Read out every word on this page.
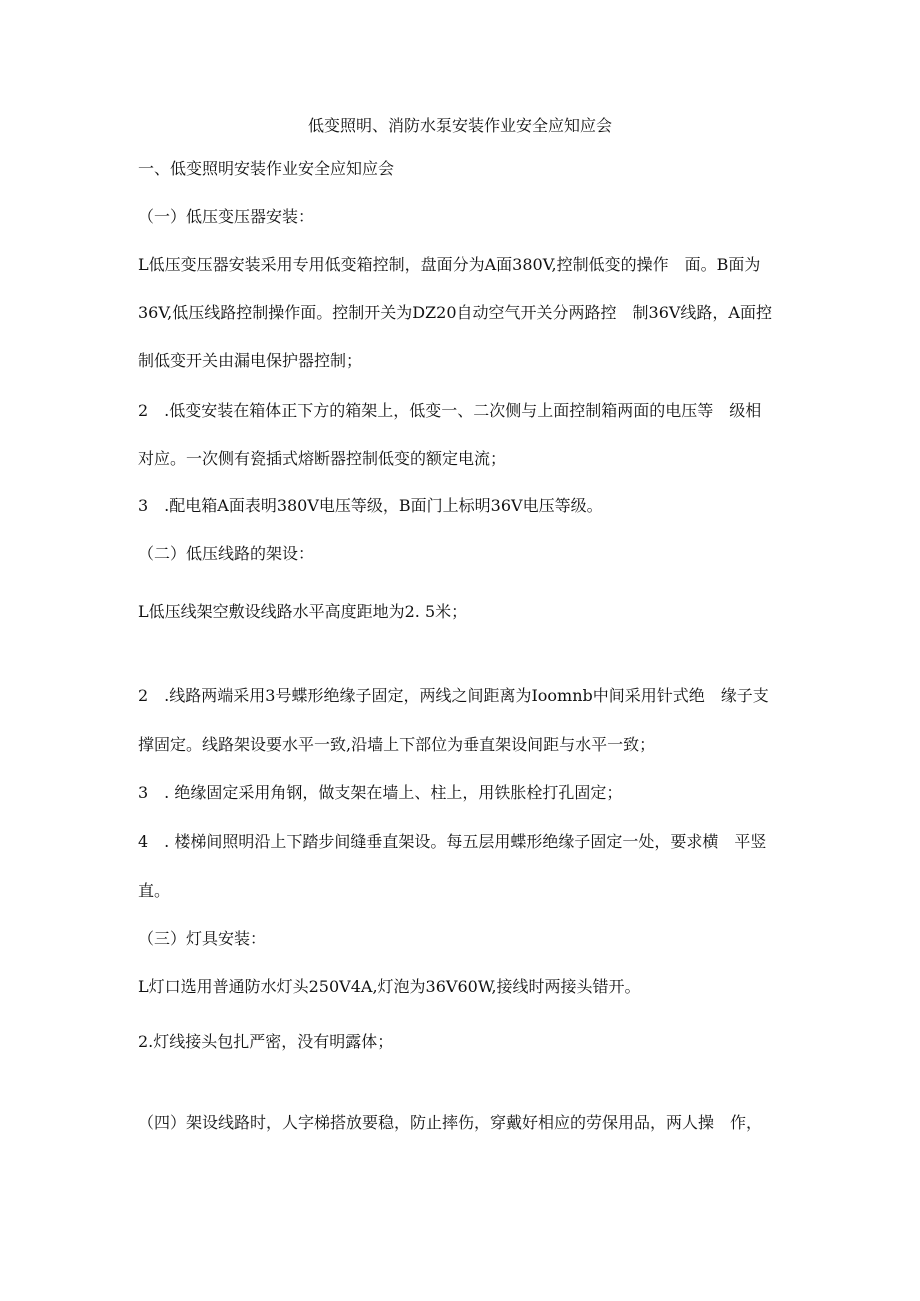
低变照明、消防水泵安装作业安全应知应会
一、低变照明安装作业安全应知应会
（一）低压变压器安装：
L低压变压器安装采用专用低变箱控制，盘面分为A面380V,控制低变的操作　面。B面为
36V,低压线路控制操作面。控制开关为DZ20自动空气开关分两路控　制36V线路，A面控
制低变开关由漏电保护器控制；
2　.低变安装在箱体正下方的箱架上，低变一、二次侧与上面控制箱两面的电压等　级相
对应。一次侧有瓷插式熔断器控制低变的额定电流；
3　.配电箱A面表明380V电压等级，B面门上标明36V电压等级。
（二）低压线路的架设：
L低压线架空敷设线路水平高度距地为2. 5米；
2　.线路两端采用3号蝶形绝缘子固定，两线之间距离为Ioomnb中间采用针式绝　缘子支
撑固定。线路架设要水平一致,沿墙上下部位为垂直架设间距与水平一致；
3　. 绝缘固定采用角钢，做支架在墙上、柱上，用铁胀栓打孔固定；
4　. 楼梯间照明沿上下踏步间缝垂直架设。每五层用蝶形绝缘子固定一处，要求横　平竖
直。
（三）灯具安装：
L灯口选用普通防水灯头250V4A,灯泡为36V60W,接线时两接头错开。
2.灯线接头包扎严密，没有明露体；
（四）架设线路时，人字梯搭放要稳，防止摔伤，穿戴好相应的劳保用品，两人操　作，
